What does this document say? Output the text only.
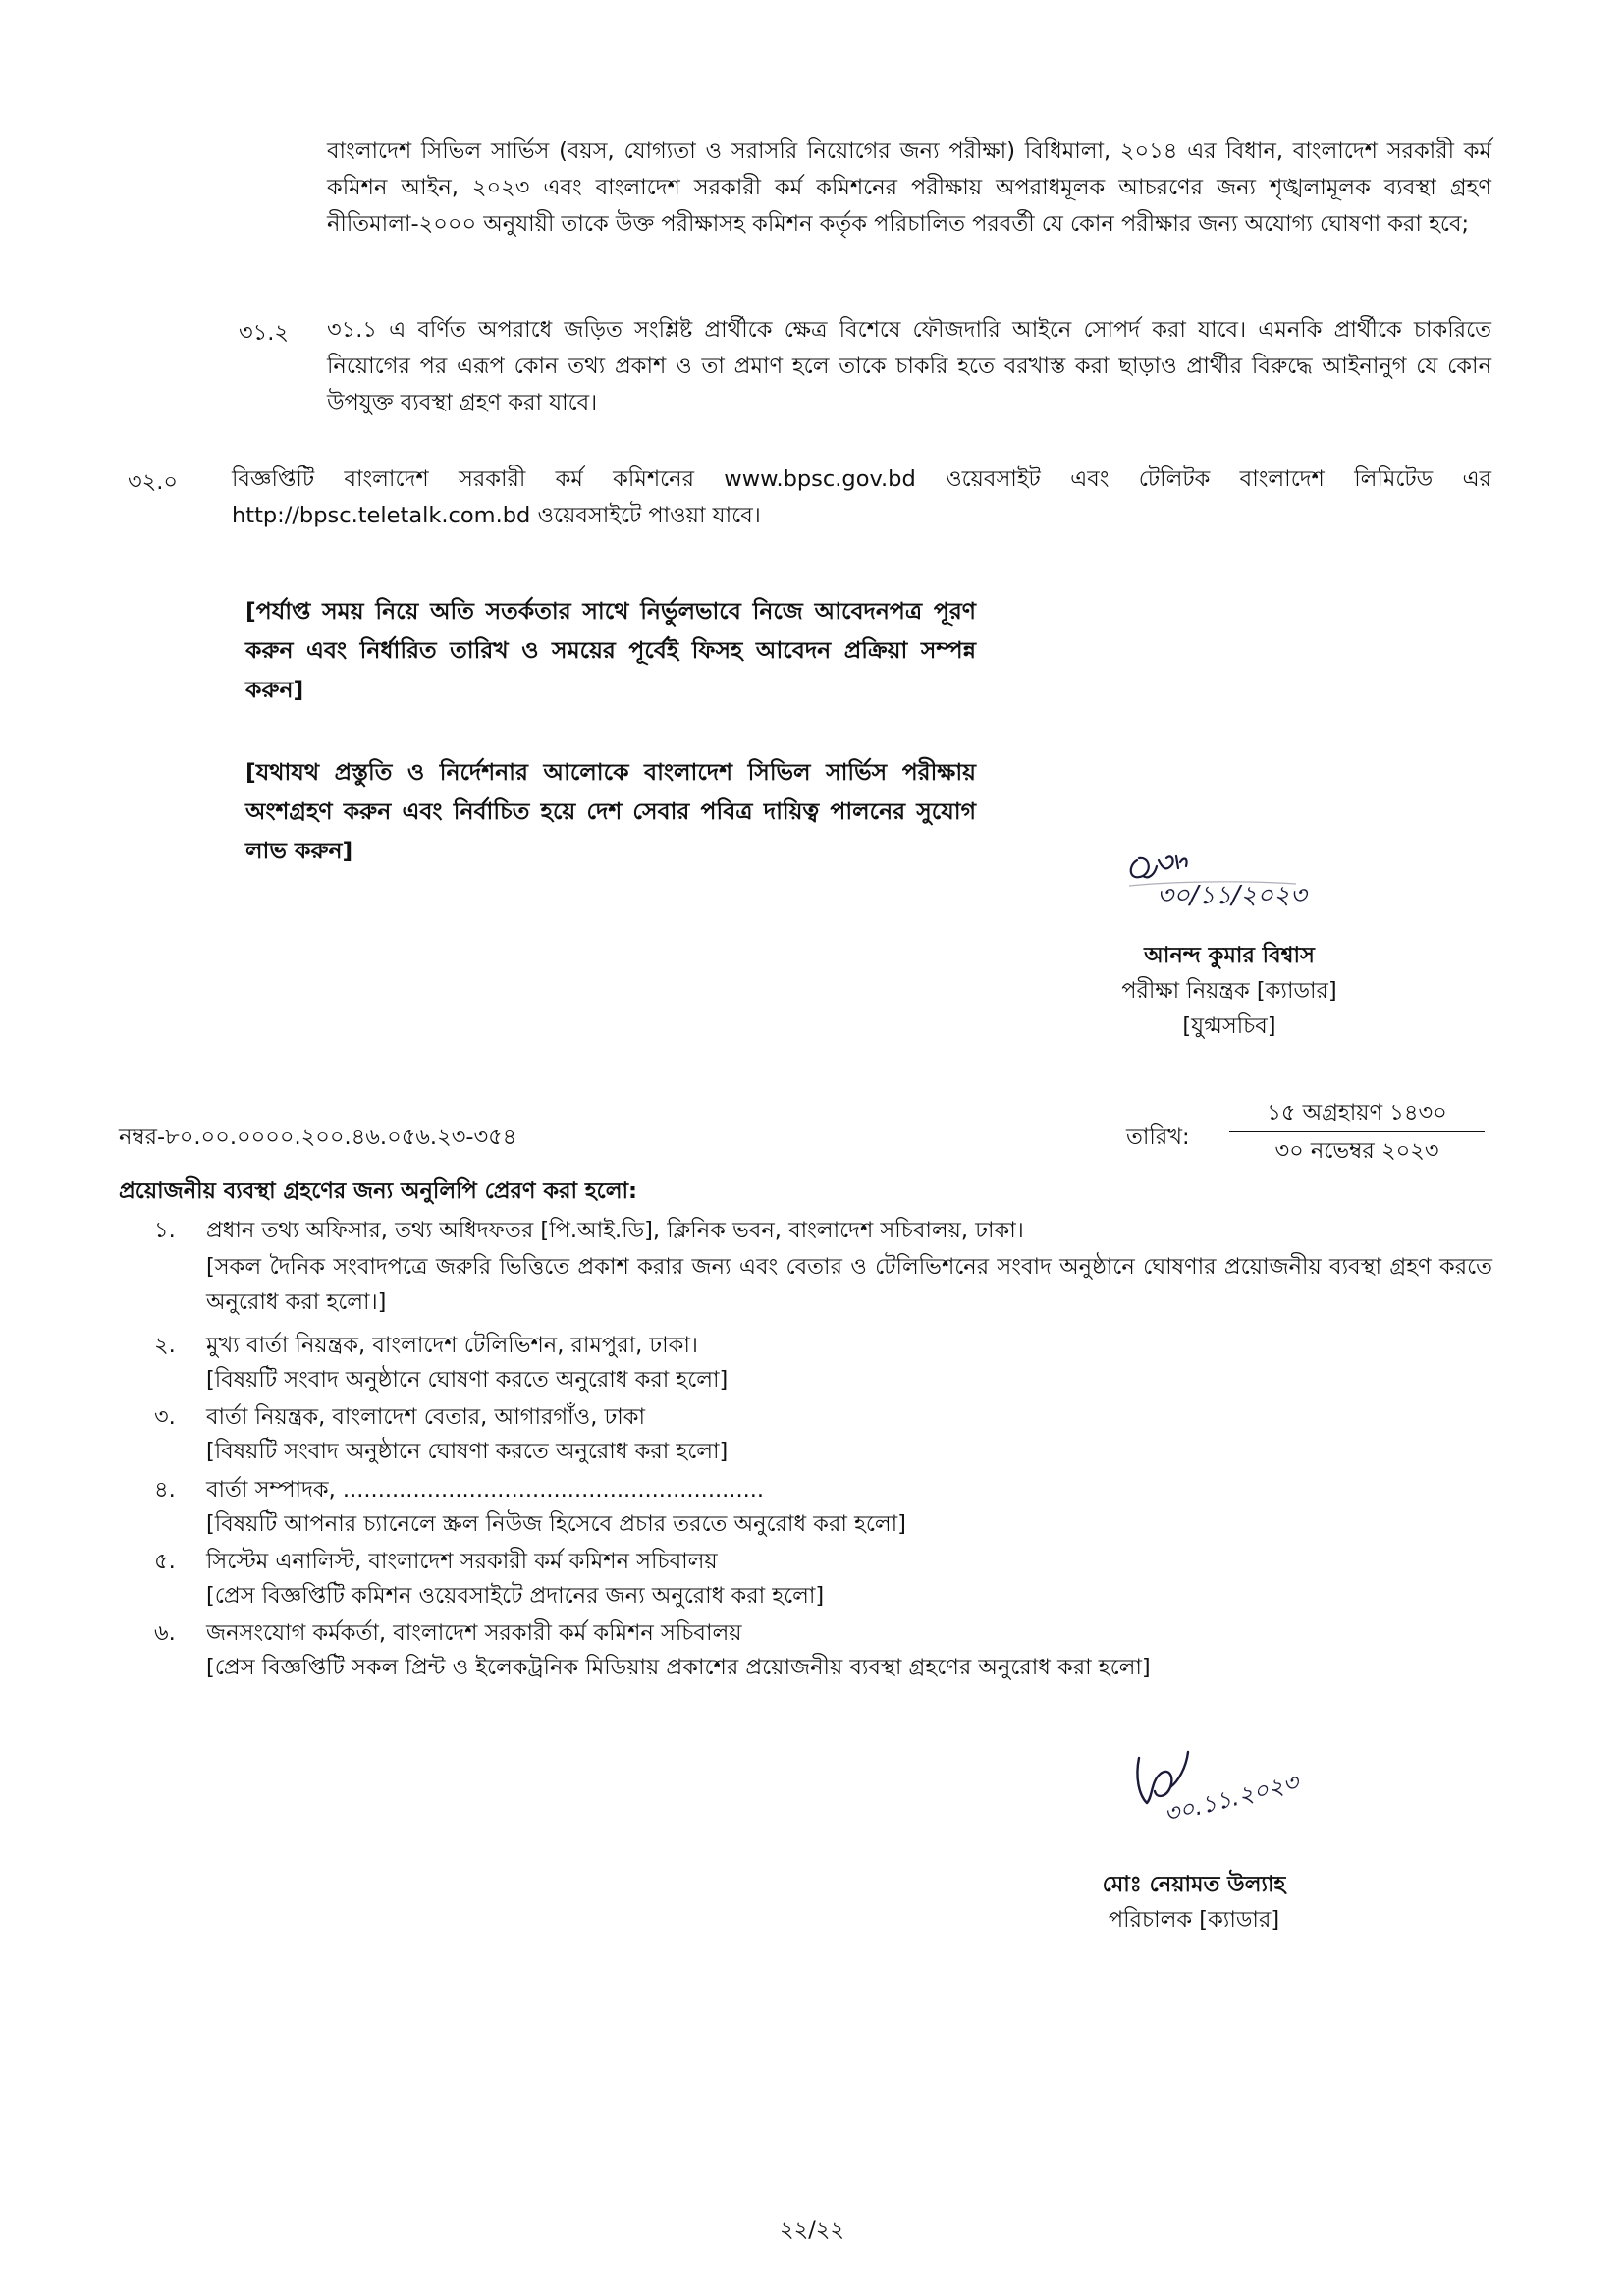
বাংলাদেশ সিভিল সার্ভিস (বয়স, যোগ্যতা ও সরাসরি নিয়োগের জন্য পরীক্ষা) বিধিমালা, ২০১৪ এর বিধান, বাংলাদেশ সরকারী কর্ম কমিশন আইন, ২০২৩ এবং বাংলাদেশ সরকারী কর্ম কমিশনের পরীক্ষায় অপরাধমূলক আচরণের জন্য শৃঙ্খলামূলক ব্যবস্থা গ্রহণ নীতিমালা-২০০০ অনুযায়ী তাকে উক্ত পরীক্ষাসহ কমিশন কর্তৃক পরিচালিত পরবর্তী যে কোন পরীক্ষার জন্য অযোগ্য ঘোষণা করা হবে;
৩১.২ ৩১.১ এ বর্ণিত অপরাধে জড়িত সংশ্লিষ্ট প্রার্থীকে ক্ষেত্র বিশেষে ফৌজদারি আইনে সোপর্দ করা যাবে। এমনকি প্রার্থীকে চাকরিতে নিয়োগের পর এরূপ কোন তথ্য প্রকাশ ও তা প্রমাণ হলে তাকে চাকরি হতে বরখাস্ত করা ছাড়াও প্রার্থীর বিরুদ্ধে আইনানুগ যে কোন উপযুক্ত ব্যবস্থা গ্রহণ করা যাবে।
৩২.০ বিজ্ঞপ্তিটি বাংলাদেশ সরকারী কর্ম কমিশনের www.bpsc.gov.bd ওয়েবসাইট এবং টেলিটক বাংলাদেশ লিমিটেড এর http://bpsc.teletalk.com.bd ওয়েবসাইটে পাওয়া যাবে।
[পর্যাপ্ত সময় নিয়ে অতি সতর্কতার সাথে নির্ভুলভাবে নিজে আবেদনপত্র পূরণ করুন এবং নির্ধারিত তারিখ ও সময়ের পূর্বেই ফিসহ আবেদন প্রক্রিয়া সম্পন্ন করুন]
[যথাযথ প্রস্তুতি ও নির্দেশনার আলোকে বাংলাদেশ সিভিল সার্ভিস পরীক্ষায় অংশগ্রহণ করুন এবং নির্বাচিত হয়ে দেশ সেবার পবিত্র দায়িত্ব পালনের সুযোগ লাভ করুন]
৩০/১১/২০২৩
আনন্দ কুমার বিশ্বাস
পরীক্ষা নিয়ন্ত্রক [ক্যাডার]
[যুগ্মসচিব]
নম্বর-৮০.০০.০০০০.২০০.৪৬.০৫৬.২৩-৩৫৪	তারিখ:
১৫ অগ্রহায়ণ ১৪৩০
৩০ নভেম্বর ২০২৩
প্রয়োজনীয় ব্যবস্থা গ্রহণের জন্য অনুলিপি প্রেরণ করা হলো:
১. প্রধান তথ্য অফিসার, তথ্য অধিদফতর [পি.আই.ডি], ক্লিনিক ভবন, বাংলাদেশ সচিবালয়, ঢাকা।
[সকল দৈনিক সংবাদপত্রে জরুরি ভিত্তিতে প্রকাশ করার জন্য এবং বেতার ও টেলিভিশনের সংবাদ অনুষ্ঠানে ঘোষণার প্রয়োজনীয় ব্যবস্থা গ্রহণ করতে অনুরোধ করা হলো।]
২. মুখ্য বার্তা নিয়ন্ত্রক, বাংলাদেশ টেলিভিশন, রামপুরা, ঢাকা।
[বিষয়টি সংবাদ অনুষ্ঠানে ঘোষণা করতে অনুরোধ করা হলো]
৩. বার্তা নিয়ন্ত্রক, বাংলাদেশ বেতার, আগারগাঁও, ঢাকা
[বিষয়টি সংবাদ অনুষ্ঠানে ঘোষণা করতে অনুরোধ করা হলো]
৪. বার্তা সম্পাদক, ............................................................
[বিষয়টি আপনার চ্যানেলে স্ক্রল নিউজ হিসেবে প্রচার তরতে অনুরোধ করা হলো]
৫. সিস্টেম এনালিস্ট, বাংলাদেশ সরকারী কর্ম কমিশন সচিবালয়
[প্রেস বিজ্ঞপ্তিটি কমিশন ওয়েবসাইটে প্রদানের জন্য অনুরোধ করা হলো]
৬. জনসংযোগ কর্মকর্তা, বাংলাদেশ সরকারী কর্ম কমিশন সচিবালয়
[প্রেস বিজ্ঞপ্তিটি সকল প্রিন্ট ও ইলেকট্রনিক মিডিয়ায় প্রকাশের প্রয়োজনীয় ব্যবস্থা গ্রহণের অনুরোধ করা হলো]
৩০.১১.২০২৩
মোঃ নেয়ামত উল্যাহ
পরিচালক [ক্যাডার]
২২/২২
